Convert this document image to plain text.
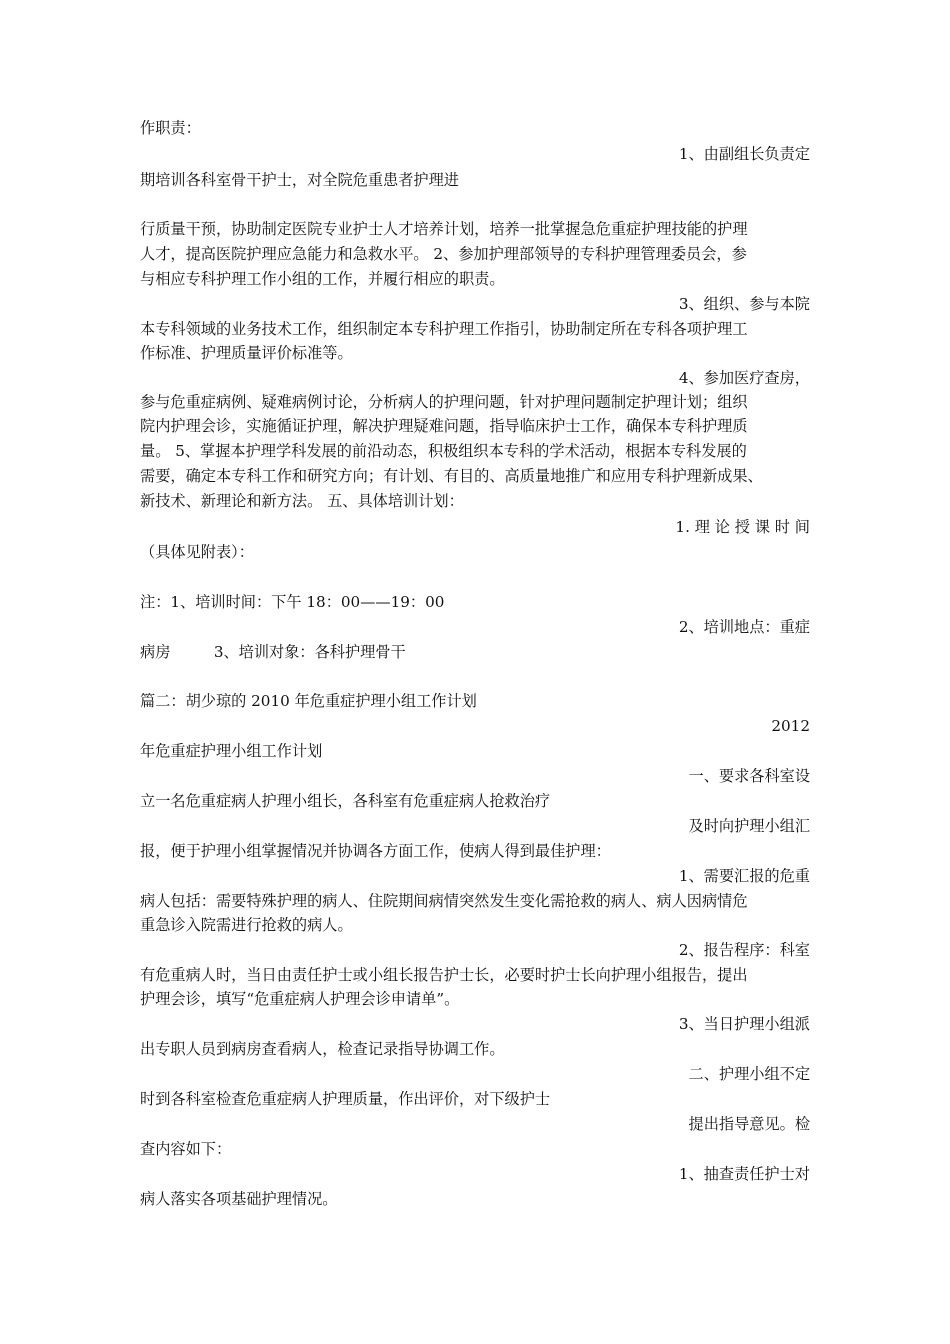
作职责：
1、由副组长负责定
期培训各科室骨干护士，对全院危重患者护理进
行质量干预，协助制定医院专业护士人才培养计划，培养一批掌握急危重症护理技能的护理
人才，提高医院护理应急能力和急救水平。 2、参加护理部领导的专科护理管理委员会，参
与相应专科护理工作小组的工作，并履行相应的职责。
3、组织、参与本院
本专科领域的业务技术工作，组织制定本专科护理工作指引，协助制定所在专科各项护理工
作标准、护理质量评价标准等。
4、参加医疗查房，
参与危重症病例、疑难病例讨论，分析病人的护理问题，针对护理问题制定护理计划；组织
院内护理会诊，实施循证护理，解决护理疑难问题，指导临床护士工作，确保本专科护理质
量。 5、掌握本护理学科发展的前沿动态，积极组织本专科的学术活动，根据本专科发展的
需要，确定本专科工作和研究方向；有计划、有目的、高质量地推广和应用专科护理新成果、
新技术、新理论和新方法。 五、具体培训计划：
1. 理 论 授 课 时 间
（具体见附表）：
注：1、培训时间：下午 18：00——19：00
2、培训地点：重症
病房         3、培训对象：各科护理骨干
篇二：胡少琼的 2010 年危重症护理小组工作计划
2012
年危重症护理小组工作计划
一、要求各科室设
立一名危重症病人护理小组长，各科室有危重症病人抢救治疗
及时向护理小组汇
报，便于护理小组掌握情况并协调各方面工作，使病人得到最佳护理：
1、需要汇报的危重
病人包括：需要特殊护理的病人、住院期间病情突然发生变化需抢救的病人、病人因病情危
重急诊入院需进行抢救的病人。
2、报告程序：科室
有危重病人时，当日由责任护士或小组长报告护士长，必要时护士长向护理小组报告，提出
护理会诊，填写“危重症病人护理会诊申请单”。
3、当日护理小组派
出专职人员到病房查看病人，检查记录指导协调工作。
二、护理小组不定
时到各科室检查危重症病人护理质量，作出评价，对下级护士
提出指导意见。检
查内容如下：
1、抽查责任护士对
病人落实各项基础护理情况。
